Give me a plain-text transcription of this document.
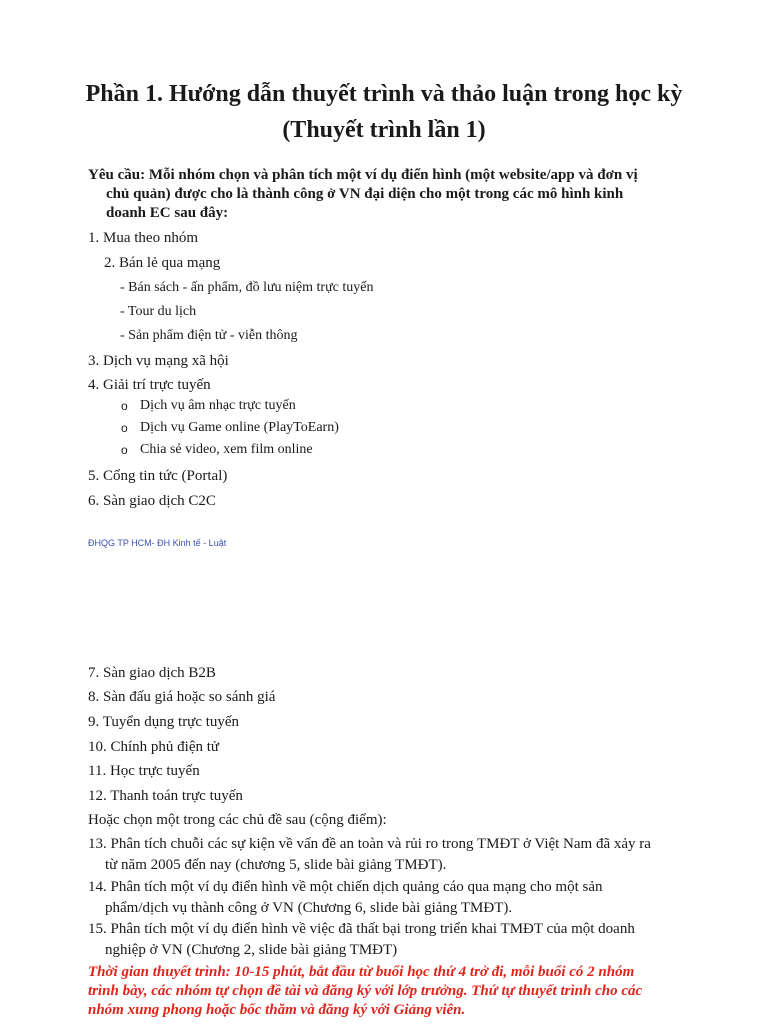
Phần 1. Hướng dẫn thuyết trình và thảo luận trong học kỳ
(Thuyết trình lần 1)
Yêu cầu: Mỗi nhóm chọn và phân tích một ví dụ điển hình (một website/app và đơn vị
chủ quản) được cho là thành công ở VN đại diện cho một trong các mô hình kinh
doanh EC sau đây:
1. Mua theo nhóm
2. Bán lẻ qua mạng
- Bán sách - ấn phẩm, đồ lưu niệm trực tuyến
- Tour du lịch
- Sản phẩm điện tử - viễn thông
3. Dịch vụ mạng xã hội
4. Giải trí trực tuyến
o Dịch vụ âm nhạc trực tuyến
o Dịch vụ Game online (PlayToEarn)
o Chia sẻ video, xem film online
5. Cổng tin tức (Portal)
6. Sàn giao dịch C2C
ĐHQG TP HCM- ĐH Kinh tế - Luật
7. Sàn giao dịch B2B
8. Sàn đấu giá hoặc so sánh giá
9. Tuyển dụng trực tuyến
10. Chính phủ điện tử
11. Học trực tuyến
12. Thanh toán trực tuyến
Hoặc chọn một trong các chủ đề sau (cộng điểm):
13. Phân tích chuỗi các sự kiện về vấn đề an toàn và rủi ro trong TMĐT ở Việt Nam đã xảy ra
từ năm 2005 đến nay (chương 5, slide bài giảng TMĐT).
14. Phân tích một ví dụ điển hình về một chiến dịch quảng cáo qua mạng cho một sản
phẩm/dịch vụ thành công ở VN (Chương 6, slide bài giảng TMĐT).
15. Phân tích một ví dụ điển hình về việc đã thất bại trong triển khai TMĐT của một doanh
nghiệp ở VN (Chương 2, slide bài giảng TMĐT)
Thời gian thuyết trình: 10-15 phút, bắt đầu từ buổi học thứ 4 trở đi, mỗi buổi có 2 nhóm
trình bày, các nhóm tự chọn đề tài và đăng ký với lớp trưởng. Thứ tự thuyết trình cho các
nhóm xung phong hoặc bốc thăm và đăng ký với Giảng viên.
